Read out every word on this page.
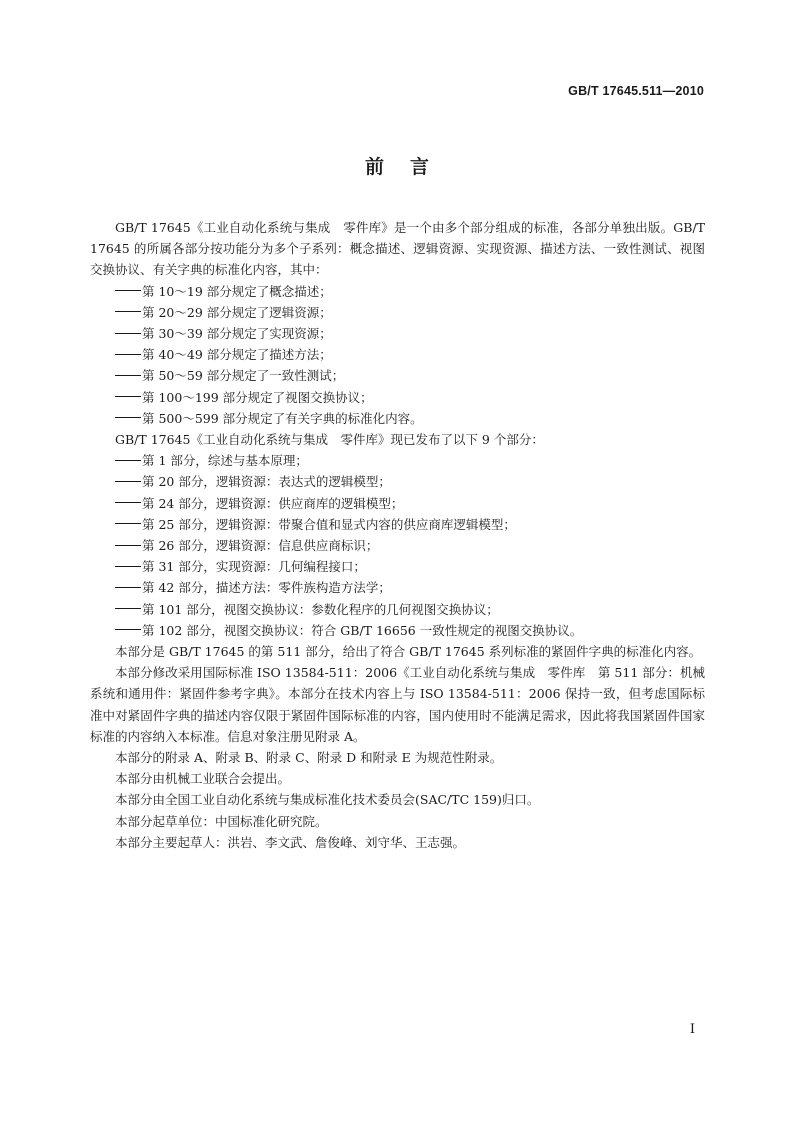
GB/T 17645.511—2010
前言

GB/T 17645《工业自动化系统与集成　零件库》是一个由多个部分组成的标准，各部分单独出版。GB/T 17645 的所属各部分按功能分为多个子系列：概念描述、逻辑资源、实现资源、描述方法、一致性测试、视图交换协议、有关字典的标准化内容，其中：

第 10～19 部分规定了概念描述；

第 20～29 部分规定了逻辑资源；

第 30～39 部分规定了实现资源；

第 40～49 部分规定了描述方法；

第 50～59 部分规定了一致性测试；

第 100～199 部分规定了视图交换协议；

第 500～599 部分规定了有关字典的标准化内容。

GB/T 17645《工业自动化系统与集成　零件库》现已发布了以下 9 个部分：

第 1 部分，综述与基本原理；

第 20 部分，逻辑资源：表达式的逻辑模型；

第 24 部分，逻辑资源：供应商库的逻辑模型；

第 25 部分，逻辑资源：带聚合值和显式内容的供应商库逻辑模型；

第 26 部分，逻辑资源：信息供应商标识；

第 31 部分，实现资源：几何编程接口；

第 42 部分，描述方法：零件族构造方法学；

第 101 部分，视图交换协议：参数化程序的几何视图交换协议；

第 102 部分，视图交换协议：符合 GB/T 16656 一致性规定的视图交换协议。

本部分是 GB/T 17645 的第 511 部分，给出了符合 GB/T 17645 系列标准的紧固件字典的标准化内容。

本部分修改采用国际标准 ISO 13584-511：2006《工业自动化系统与集成　零件库　第 511 部分：机械系统和通用件：紧固件参考字典》。本部分在技术内容上与 ISO 13584-511：2006 保持一致，但考虑国际标准中对紧固件字典的描述内容仅限于紧固件国际标准的内容，国内使用时不能满足需求，因此将我国紧固件国家标准的内容纳入本标准。信息对象注册见附录 A。

本部分的附录 A、附录 B、附录 C、附录 D 和附录 E 为规范性附录。

本部分由机械工业联合会提出。

本部分由全国工业自动化系统与集成标准化技术委员会(SAC/TC 159)归口。

本部分起草单位：中国标准化研究院。

本部分主要起草人：洪岩、李文武、詹俊峰、刘守华、王志强。

I
